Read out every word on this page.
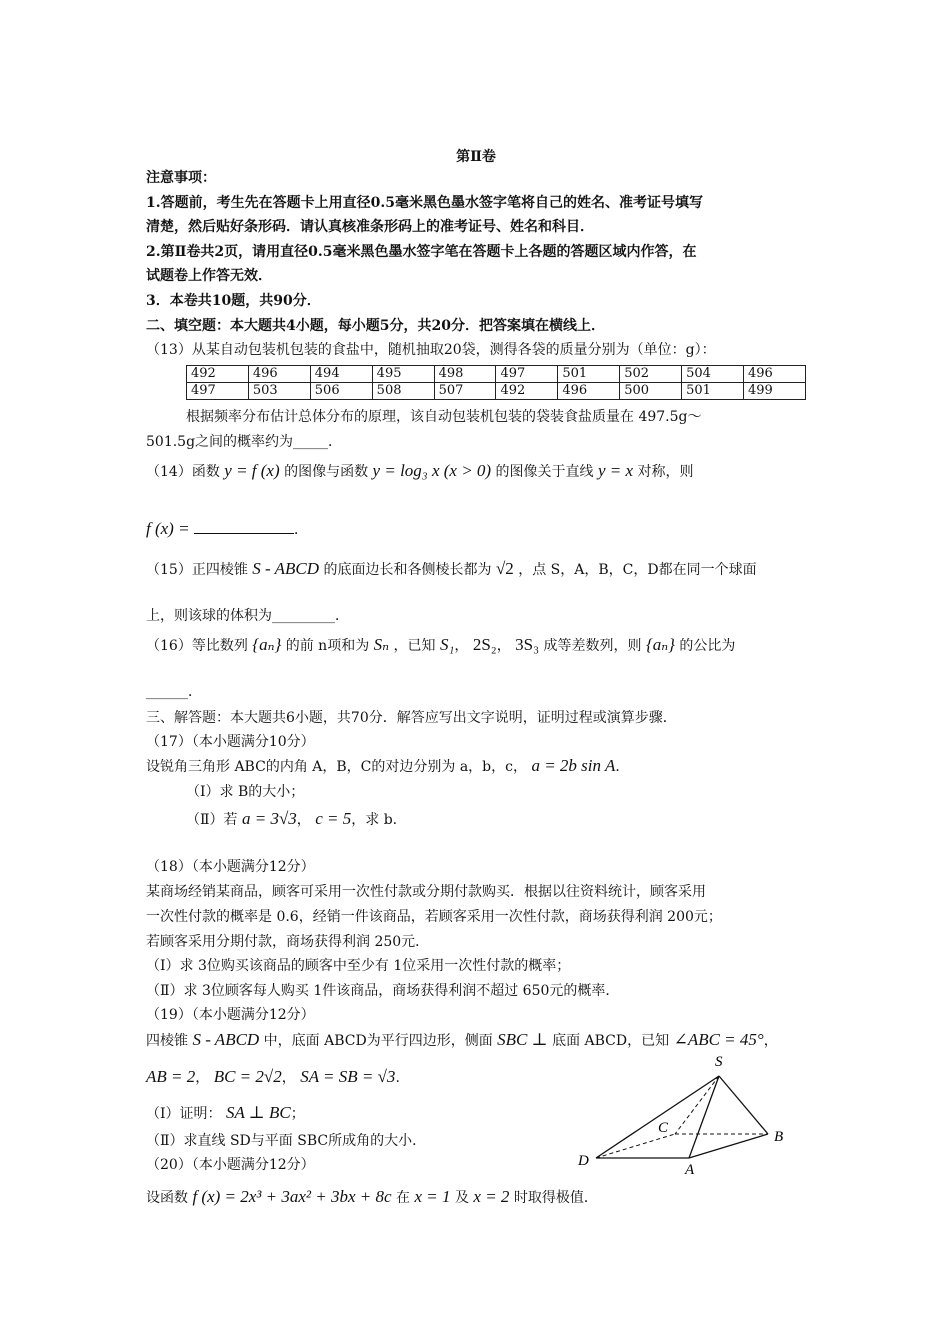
第Ⅱ卷
注意事项：
1.答题前，考生先在答题卡上用直径0.5毫米黑色墨水签字笔将自己的姓名、准考证号填写
清楚，然后贴好条形码．请认真核准条形码上的准考证号、姓名和科目．
2.第Ⅱ卷共2页，请用直径0.5毫米黑色墨水签字笔在答题卡上各题的答题区域内作答，在
试题卷上作答无效．
3．本卷共10题，共90分．
二、填空题：本大题共4小题，每小题5分，共20分．把答案填在横线上．
（13）从某自动包装机包装的食盐中，随机抽取20袋，测得各袋的质量分别为（单位：g）：
492	496	494	495	498	497	501	502	504	496
497	503	506	508	507	492	496	500	501	499
根据频率分布估计总体分布的原理，该自动包装机包装的袋装食盐质量在 497.5g～
501.5g之间的概率约为_____．
（14）函数 y = f (x) 的图像与函数 y = log₃ x (x > 0) 的图像关于直线 y = x 对称，则
f (x) =	．
（15）正四棱锥 S - ABCD 的底面边长和各侧棱长都为 √2 ，点 S，A，B，C，D都在同一个球面
上，则该球的体积为_________．
（16）等比数列 {aₙ} 的前 n项和为 Sₙ ，已知 S₁， 2S₂， 3S₃ 成等差数列，则 {aₙ} 的公比为
______．
三、解答题：本大题共6小题，共70分．解答应写出文字说明，证明过程或演算步骤．
（17）（本小题满分10分）
设锐角三角形 ABC的内角 A，B，C的对边分别为 a，b，c， a = 2b sin A．
（Ⅰ）求 B的大小；
（Ⅱ）若 a = 3√3， c = 5，求 b.
（18）（本小题满分12分）
某商场经销某商品，顾客可采用一次性付款或分期付款购买．根据以往资料统计，顾客采用
一次性付款的概率是 0.6，经销一件该商品，若顾客采用一次性付款，商场获得利润 200元；
若顾客采用分期付款，商场获得利润 250元．
（Ⅰ）求 3位购买该商品的顾客中至少有 1位采用一次性付款的概率；
（Ⅱ）求 3位顾客每人购买 1件该商品，商场获得利润不超过 650元的概率．
（19）（本小题满分12分）
四棱锥 S - ABCD 中，底面 ABCD为平行四边形，侧面 SBC ⊥ 底面 ABCD，已知 ∠ABC = 45°，
AB = 2， BC = 2√2， SA = SB = √3.
（Ⅰ）证明： SA ⊥ BC；
（Ⅱ）求直线 SD与平面 SBC所成角的大小．
S
C
B
D
A
（20）（本小题满分12分）
设函数 f (x) = 2x³ + 3ax² + 3bx + 8c 在 x = 1 及 x = 2 时取得极值．
